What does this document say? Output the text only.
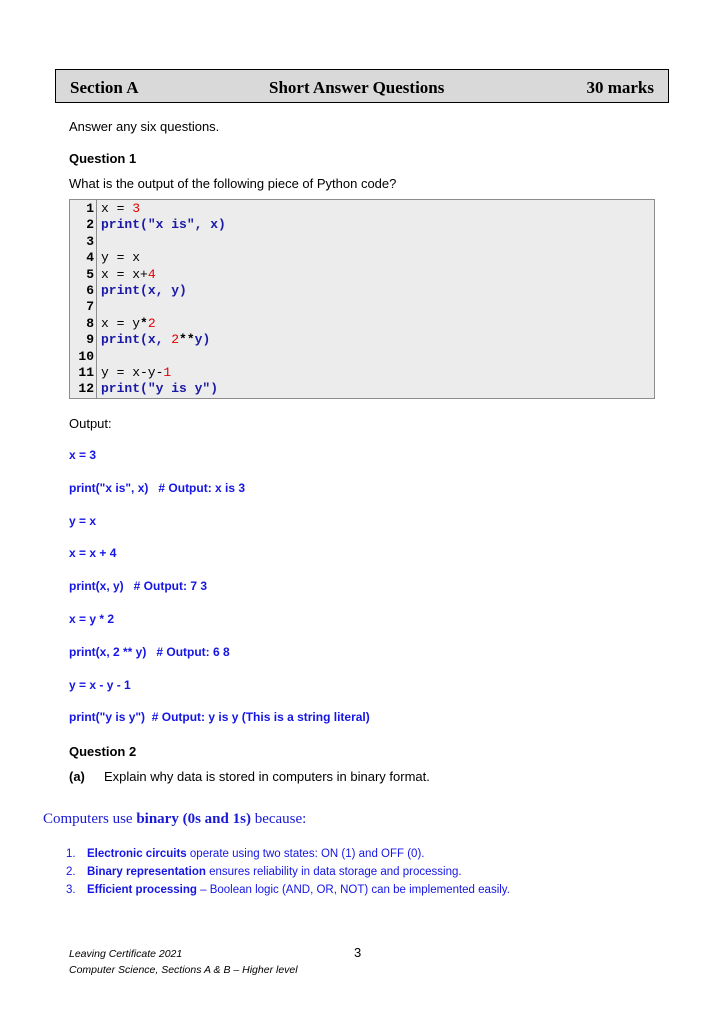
Section A	Short Answer Questions	30 marks
Answer any six questions.
Question 1
What is the output of the following piece of Python code?
1 x = 3
2 print("x is", x)
3
4 y = x
5 x = x+4
6 print(x, y)
7
8 x = y*2
9 print(x, 2**y)
10
11 y = x-y-1
12 print("y is y")
Output:
x = 3
print("x is", x)   # Output: x is 3
y = x
x = x + 4
print(x, y)   # Output: 7 3
x = y * 2
print(x, 2 ** y)   # Output: 6 8
y = x - y - 1
print("y is y")  # Output: y is y (This is a string literal)
Question 2
(a) Explain why data is stored in computers in binary format.
Computers use binary (0s and 1s) because:
1. Electronic circuits operate using two states: ON (1) and OFF (0).
2. Binary representation ensures reliability in data storage and processing.
3. Efficient processing – Boolean logic (AND, OR, NOT) can be implemented easily.
Leaving Certificate 2021
Computer Science, Sections A & B – Higher level
3
